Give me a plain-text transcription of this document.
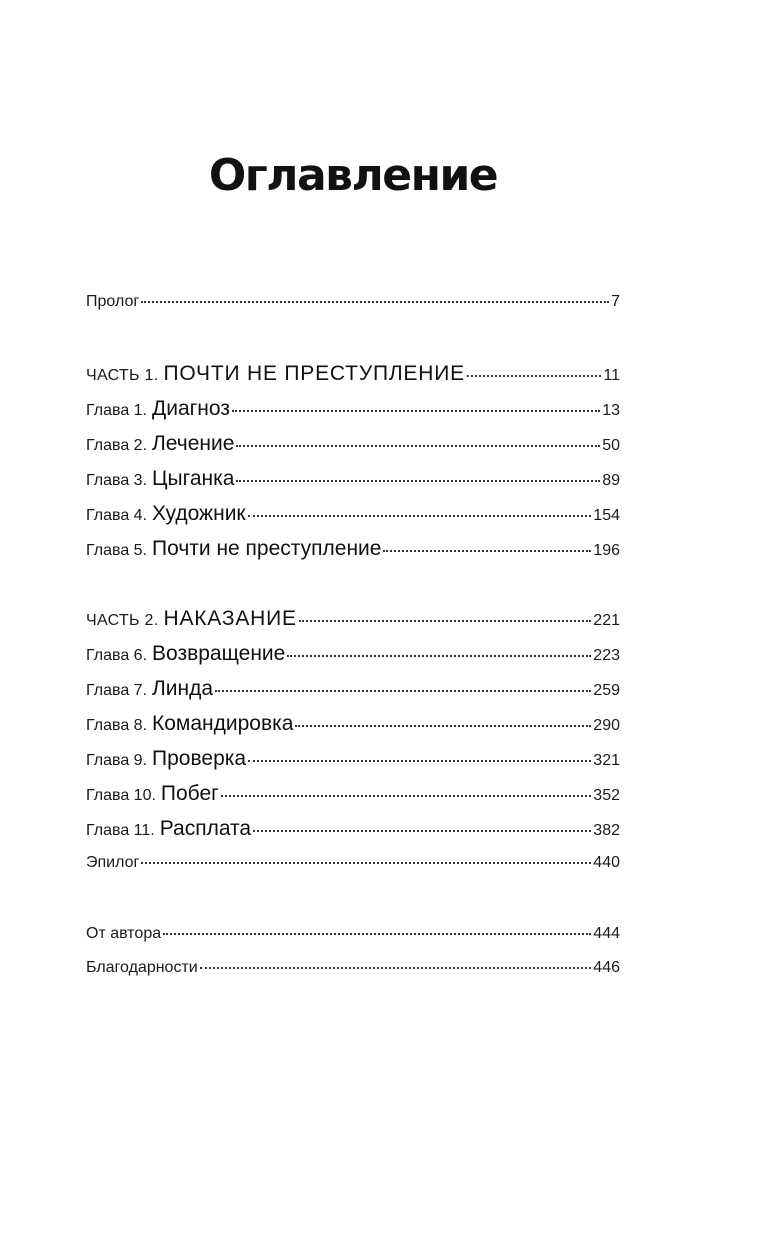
Оглавление
Пролог	7
ЧАСТЬ 1. ПОЧТИ НЕ ПРЕСТУПЛЕНИЕ	11
Глава 1. Диагноз	13
Глава 2. Лечение	50
Глава 3. Цыганка	89
Глава 4. Художник	154
Глава 5. Почти не преступление	196
ЧАСТЬ 2. НАКАЗАНИЕ	221
Глава 6. Возвращение	223
Глава 7. Линда	259
Глава 8. Командировка	290
Глава 9. Проверка	321
Глава 10. Побег	352
Глава 11. Расплата	382
Эпилог	440
От автора	444
Благодарности	446
